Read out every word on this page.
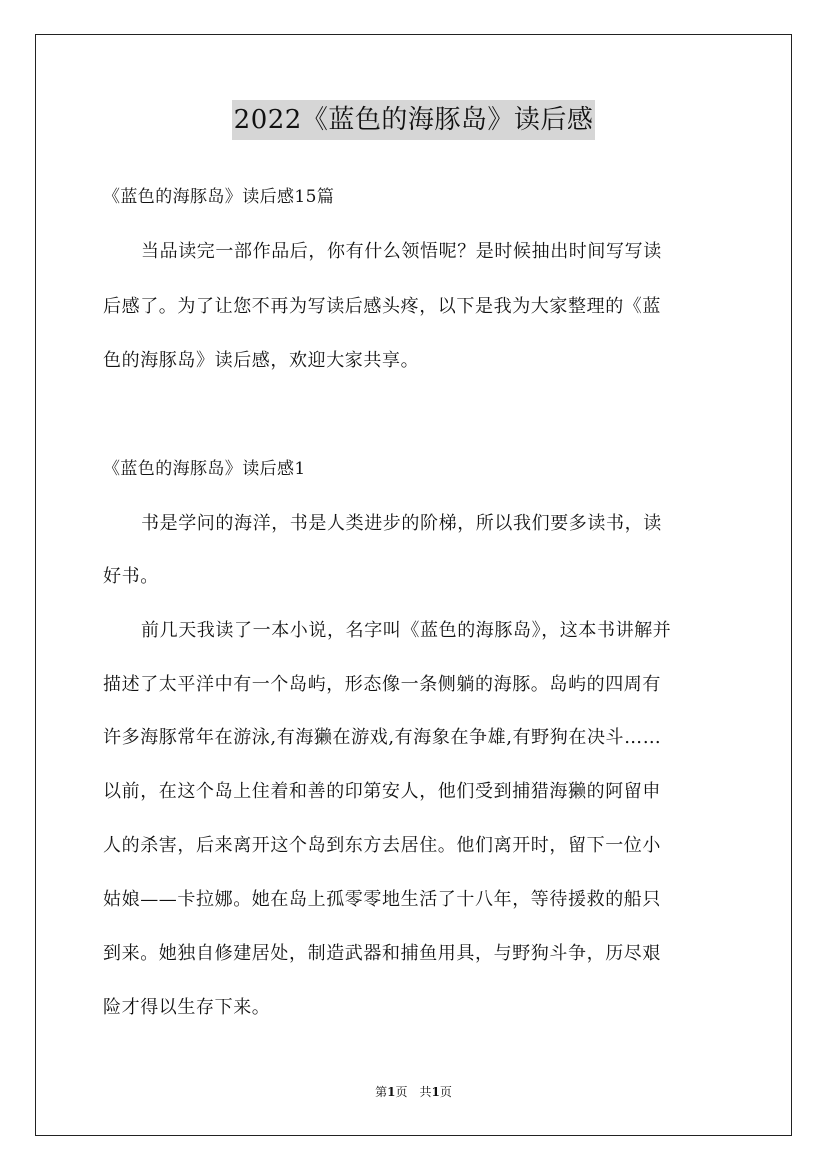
2022《蓝色的海豚岛》读后感
《蓝色的海豚岛》读后感15篇
当品读完一部作品后，你有什么领悟呢？是时候抽出时间写写读
后感了。为了让您不再为写读后感头疼，以下是我为大家整理的《蓝
色的海豚岛》读后感，欢迎大家共享。
《蓝色的海豚岛》读后感1
书是学问的海洋，书是人类进步的阶梯，所以我们要多读书，读
好书。
前几天我读了一本小说，名字叫《蓝色的海豚岛》，这本书讲解并
描述了太平洋中有一个岛屿，形态像一条侧躺的海豚。岛屿的四周有
许多海豚常年在游泳,有海獭在游戏,有海象在争雄,有野狗在决斗……
以前，在这个岛上住着和善的印第安人，他们受到捕猎海獭的阿留申
人的杀害，后来离开这个岛到东方去居住。他们离开时，留下一位小
姑娘——卡拉娜。她在岛上孤零零地生活了十八年，等待援救的船只
到来。她独自修建居处，制造武器和捕鱼用具，与野狗斗争，历尽艰
险才得以生存下来。
第1页　共1页
